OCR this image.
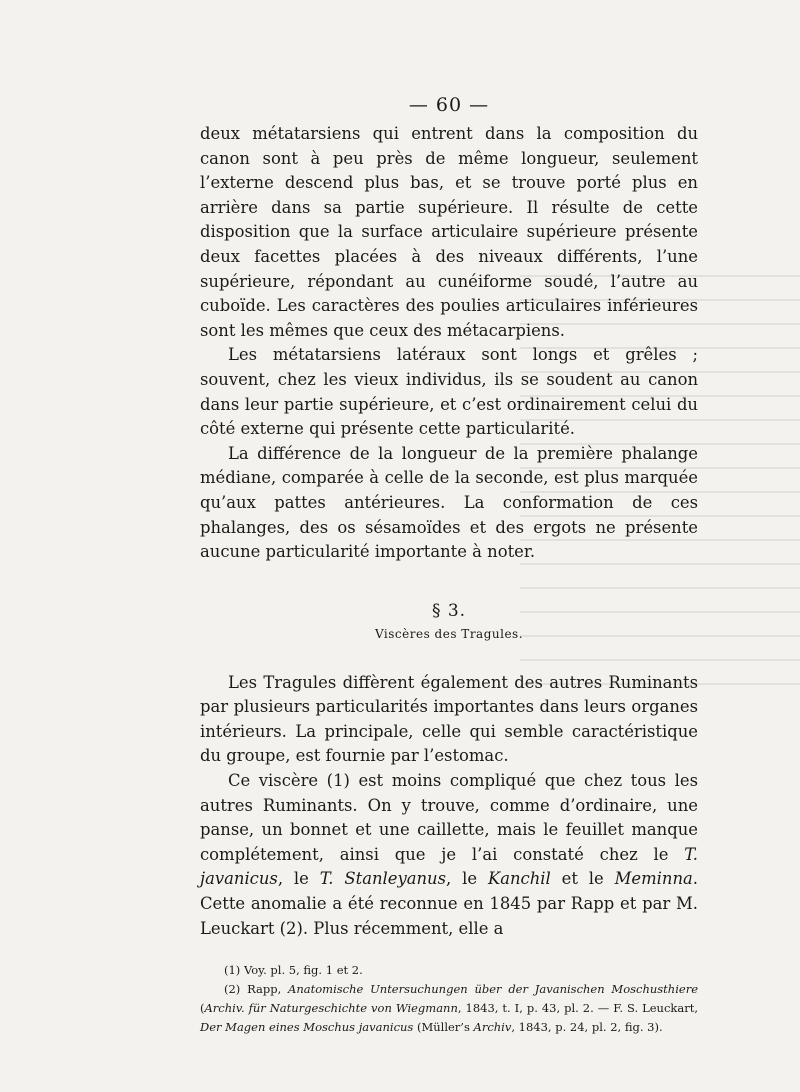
— 60 —

deux métatarsiens qui entrent dans la composition du canon sont à peu près de même longueur, seulement l’externe descend plus bas, et se trouve porté plus en arrière dans sa partie supérieure. Il résulte de cette disposition que la surface articulaire supérieure présente deux facettes placées à des niveaux différents, l’une supérieure, répondant au cunéiforme soudé, l’autre au cuboïde. Les caractères des poulies articulaires inférieures sont les mêmes que ceux des métacarpiens.

Les métatarsiens latéraux sont longs et grêles ; souvent, chez les vieux individus, ils se soudent au canon dans leur partie supérieure, et c’est ordinairement celui du côté externe qui présente cette particularité.

La différence de la longueur de la première phalange médiane, comparée à celle de la seconde, est plus marquée qu’aux pattes antérieures. La conformation de ces phalanges, des os sésamoïdes et des ergots ne présente aucune particularité importante à noter.

§ 3.
Viscères des Tragules.

Les Tragules diffèrent également des autres Ruminants par plusieurs particularités importantes dans leurs organes intérieurs. La principale, celle qui semble caractéristique du groupe, est fournie par l’estomac.

Ce viscère (1) est moins compliqué que chez tous les autres Ruminants. On y trouve, comme d’ordinaire, une panse, un bonnet et une caillette, mais le feuillet manque complétement, ainsi que je l’ai constaté chez le T. javanicus, le T. Stanleyanus, le Kanchil et le Meminna. Cette anomalie a été reconnue en 1845 par Rapp et par M. Leuckart (2). Plus récemment, elle a

(1) Voy. pl. 5, fig. 1 et 2.

(2) Rapp, Anatomische Untersuchungen über der Javanischen Moschusthiere (Archiv. für Naturgeschichte von Wiegmann, 1843, t. I, p. 43, pl. 2. — F. S. Leuckart, Der Magen eines Moschus javanicus (Müller’s Archiv, 1843, p. 24, pl. 2, fig. 3).
